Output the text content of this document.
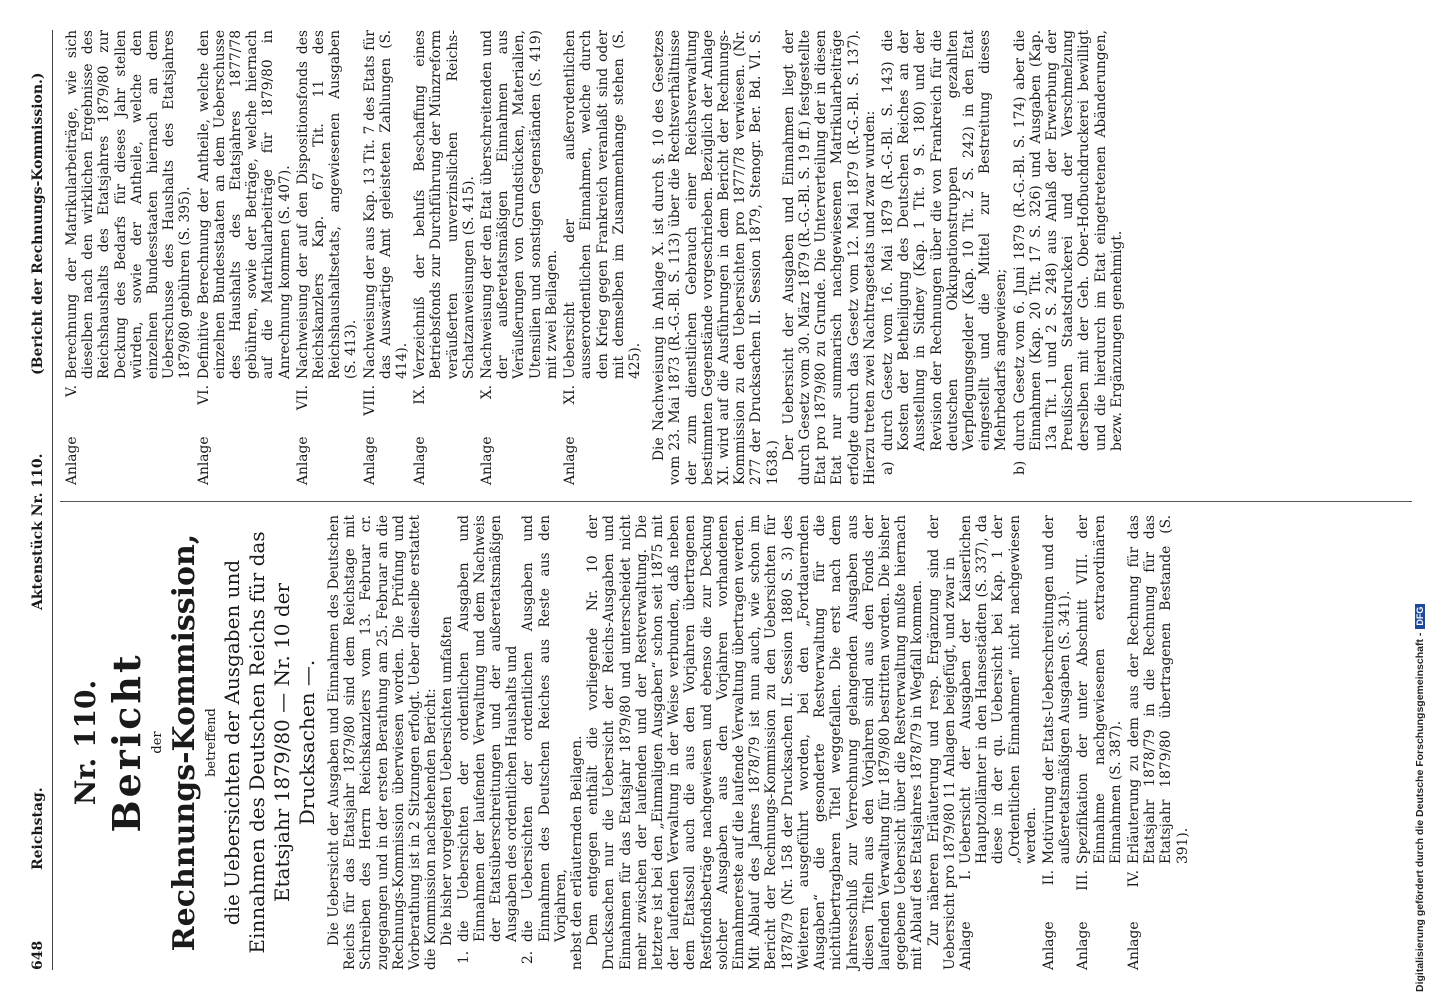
648
Reichstag.
Aktenstück Nr. 110.
(Bericht der Rechnungs-Kommission.)
Nr. 110. Bericht der Rechnungs-Kommission, betreffend die Uebersichten der Ausgaben und Einnahmen des Deutschen Reichs für das Etatsjahr 1879/80 — Nr. 10 der Drucksachen —. Die Uebersicht der Ausgaben und Einnahmen des Deutschen Reichs für das Etatsjahr 1879/80 sind dem Reichstage mit Schreiben des Herrn Reichskanzlers vom 13. Februar cr. zugegangen und in der ersten Berathung am 25. Februar an die Rechnungs-Kommission überwiesen worden. Die Prüfung und Vorberathung ist in 2 Sitzungen erfolgt. Ueber dieselbe erstattet die Kommission nachstehenden Bericht: Die bisher vorgelegten Uebersichten umfaßten

1.
die Uebersichten der ordentlichen Ausgaben und Einnahmen der laufenden Verwaltung und dem Nachweis der Etatsüberschreitungen und der außeretatsmäßigen Ausgaben des ordentlichen Haushalts und

2.
die Uebersichten der ordentlichen Ausgaben und Einnahmen des Deutschen Reiches aus Reste aus den Vorjahren, nebst den erläuternden Beilagen. Dem entgegen enthält die vorliegende Nr. 10 der Drucksachen nur die Uebersicht der Reichs-Ausgaben und Einnahmen für das Etatsjahr 1879/80 und unterscheidet nicht mehr zwischen der laufenden und der Restverwaltung. Die letztere ist bei den „Einmaligen Ausgaben“ schon seit 1875 mit der laufenden Verwaltung in der Weise verbunden, daß neben dem Etatssoll auch die aus den Vorjahren übertragenen Restfondsbeträge nachgewiesen und ebenso die zur Deckung solcher Ausgaben aus den Vorjahren vorhandenen Einnahmereste auf die laufende Verwaltung übertragen werden. Mit Ablauf des Jahres 1878/79 ist nun auch, wie schon im Bericht der Rechnungs-Kommission zu den Uebersichten für 1878/79 (Nr. 158 der Drucksachen II. Session 1880 S. 3) des Weiteren ausgeführt worden, bei den „Fortdauernden Ausgaben“ die gesonderte Restverwaltung für die nichtübertragbaren Titel weggefallen. Die erst nach dem Jahresschluß zur Verrechnung gelangenden Ausgaben aus diesen Titeln aus den Vorjahren sind aus den Fonds der laufenden Verwaltung für 1879/80 bestritten worden. Die bisher gegebene Uebersicht über die Restverwaltung mußte hiernach mit Ablauf des Etatsjahres 1878/79 in Wegfall kommen. Zur näheren Erläuterung und resp. Ergänzung sind der Uebersicht pro 1879/80 11 Anlagen beigefügt, und zwar in Anlage
I.
Uebersicht der Ausgaben der Kaiserlichen Hauptzollämter in den Hansestädten (S. 337), da diese in der qu. Uebersicht bei Kap. 1 der „Ordentlichen Einnahmen“ nicht nachgewiesen werden.
Anlage
II.
Motivirung der Etats-Ueberschreitungen und der außeretatsmäßigen Ausgaben (S. 341).
Anlage
III.
Spezifikation der unter Abschnitt VIII. der Einnahme nachgewiesenen extraordinären Einnahmen (S. 387).
Anlage
IV.
Erläuterung zu dem aus der Rechnung für das Etatsjahr 1878/79 in die Rechnung für das Etatsjahr 1879/80 übertragenen Bestande (S. 391).
Anlage
V.
Berechnung der Matrikularbeiträge, wie sich dieselben nach den wirklichen Ergebnisse des Reichshaushalts des Etatsjahres 1879/80 zur Deckung des Bedarfs für dieses Jahr stellen würden, sowie der Antheile, welche den einzelnen Bundesstaaten hiernach an dem Ueberschusse des Haushalts des Etatsjahres 1879/80 gebühren (S. 395).
Anlage
VI.
Definitive Berechnung der Antheile, welche den einzelnen Bundesstaaten an dem Ueberschusse des Haushalts des Etatsjahres 1877/78 gebühren, sowie der Beträge, welche hiernach auf die Matrikularbeiträge für 1879/80 in Anrechnung kommen (S. 407).
Anlage
VII.
Nachweisung der auf den Dispositionsfonds des Reichskanzlers Kap. 67 Tit. 11 des Reichshaushaltsetats, angewiesenen Ausgaben (S. 413).
Anlage
VIII.
Nachweisung der aus Kap. 13 Tit. 7 des Etats für das Auswärtige Amt geleisteten Zahlungen (S. 414).
Anlage
IX.
Verzeichniß der behufs Beschaffung eines Betriebsfonds zur Durchführung der Münzreform veräußerten unverzinslichen Reichs-Schatzanweisungen (S. 415).
Anlage
X.
Nachweisung der den Etat überschreitenden und der außeretatsmäßigen Einnahmen aus Veräußerungen von Grundstücken, Materialien, Utensilien und sonstigen Gegenständen (S. 419) mit zwei Beilagen.
Anlage
XI.
Uebersicht der außerordentlichen ausserordentlichen Einnahmen, welche durch den Krieg gegen Frankreich veranlaßt sind oder mit demselben im Zusammenhange stehen (S. 425). Die Nachweisung in Anlage X. ist durch §. 10 des Gesetzes vom 23. Mai 1873 (R.-G.-Bl. S. 113) über die Rechtsverhältnisse der zum dienstlichen Gebrauch einer Reichsverwaltung bestimmten Gegenstände vorgeschrieben. Bezüglich der Anlage XI. wird auf die Ausführungen in dem Bericht der Rechnungs-Kommission zu den Uebersichten pro 1877/78 verwiesen. (Nr. 277 der Drucksachen II. Session 1879, Stenogr. Ber. Bd. VI. S. 1638.)

Der Uebersicht der Ausgaben und Einnahmen liegt der durch Gesetz vom 30. März 1879 (R.-G.-Bl. S. 19 ff.) festgestellte Etat pro 1879/80 zu Grunde. Die Unterverteilung der in diesen Etat nur summarisch nachgewiesenen Matrikularbeiträge erfolgte durch das Gesetz vom 12. Mai 1879 (R.-G.-Bl. S. 137). Hierzu treten zwei Nachtragsetats und zwar wurden: a)
durch Gesetz vom 16. Mai 1879 (R.-G.-Bl. S. 143) die Kosten der Betheiligung des Deutschen Reiches an der Ausstellung in Sidney (Kap. 1 Tit. 9 S. 180) und der Revision der Rechnungen über die von Frankreich für die deutschen Okkupationstruppen gezahlten Verpflegungsgelder (Kap. 10 Tit. 2 S. 242) in den Etat eingestellt und die Mittel zur Bestreitung dieses Mehrbedarfs angewiesen;
b)
durch Gesetz vom 6. Juni 1879 (R.-G.-Bl. S. 174) aber die Einnahmen (Kap. 20 Tit. 17 S. 326) und Ausgaben (Kap. 13a Tit. 1 und 2 S. 248) aus Anlaß der Erwerbung der Preußischen Staatsdruckerei und der Verschmelzung derselben mit der Geh. Ober-Hofbuchdruckerei bewilligt und die hierdurch im Etat eingetretenen Abänderungen, bezw. Ergänzungen genehmigt.
Digitalisierung gefördert durch die Deutsche Forschungsgemeinschaft -DFG
